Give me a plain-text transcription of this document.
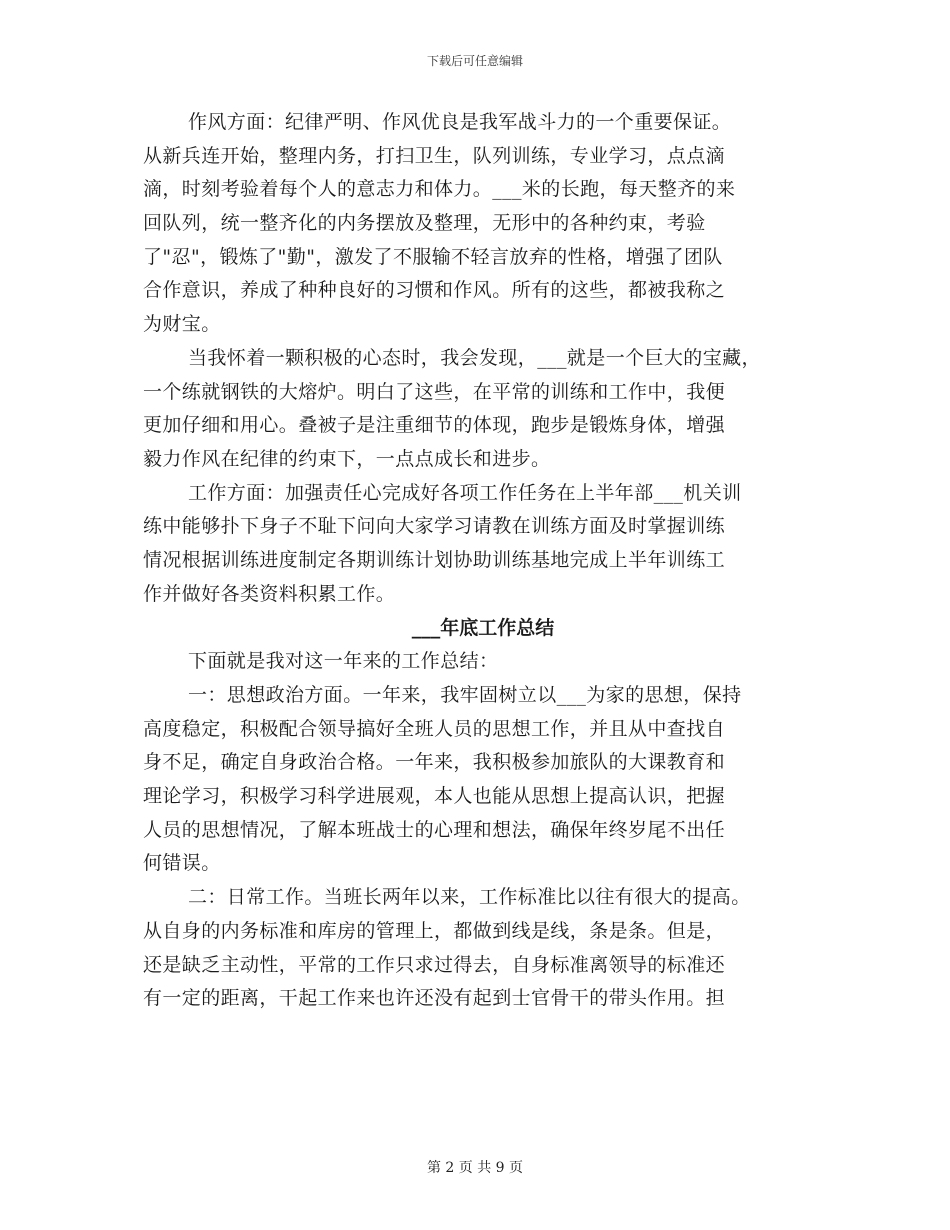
下载后可任意编辑
作风方面：纪律严明、作风优良是我军战斗力的一个重要保证。
从新兵连开始，整理内务，打扫卫生，队列训练，专业学习，点点滴
滴，时刻考验着每个人的意志力和体力。___米的长跑，每天整齐的来
回队列，统一整齐化的内务摆放及整理，无形中的各种约束，考验
了"忍"，锻炼了"勤"，激发了不服输不轻言放弃的性格，增强了团队
合作意识，养成了种种良好的习惯和作风。所有的这些，都被我称之
为财宝。
当我怀着一颗积极的心态时，我会发现，___就是一个巨大的宝藏，
一个练就钢铁的大熔炉。明白了这些，在平常的训练和工作中，我便
更加仔细和用心。叠被子是注重细节的体现，跑步是锻炼身体，增强
毅力作风在纪律的约束下，一点点成长和进步。
工作方面：加强责任心完成好各项工作任务在上半年部___机关训
练中能够扑下身子不耻下问向大家学习请教在训练方面及时掌握训练
情况根据训练进度制定各期训练计划协助训练基地完成上半年训练工
作并做好各类资料积累工作。
___年底工作总结
下面就是我对这一年来的工作总结：
一：思想政治方面。一年来，我牢固树立以___为家的思想，保持
高度稳定，积极配合领导搞好全班人员的思想工作，并且从中查找自
身不足，确定自身政治合格。一年来，我积极参加旅队的大课教育和
理论学习，积极学习科学进展观，本人也能从思想上提高认识，把握
人员的思想情况，了解本班战士的心理和想法，确保年终岁尾不出任
何错误。
二：日常工作。当班长两年以来，工作标准比以往有很大的提高。
从自身的内务标准和库房的管理上，都做到线是线，条是条。但是，
还是缺乏主动性，平常的工作只求过得去，自身标准离领导的标准还
有一定的距离，干起工作来也许还没有起到士官骨干的带头作用。担
第 2 页 共 9 页
